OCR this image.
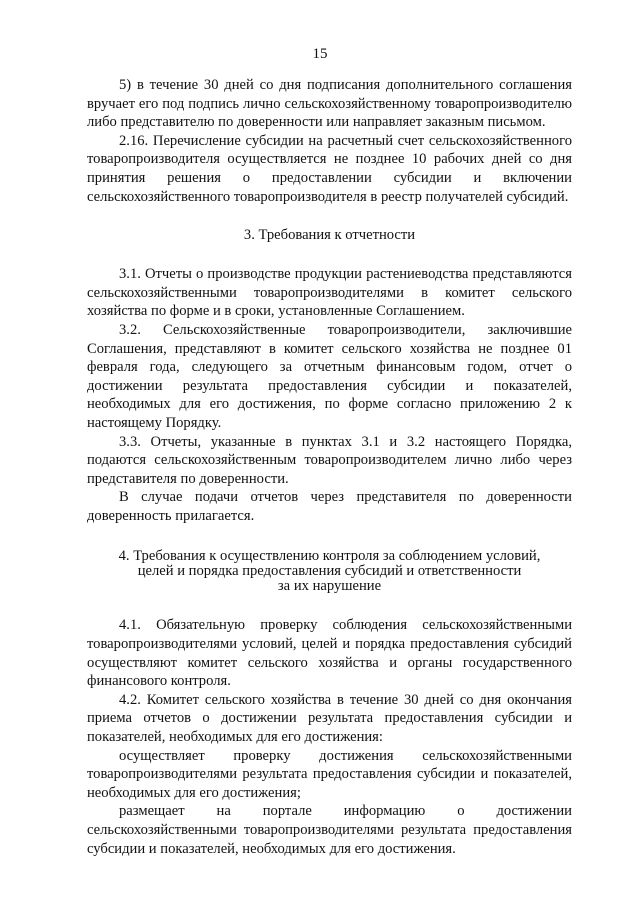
15

5) в течение 30 дней со дня подписания дополнительного соглашения вручает его под подпись лично сельскохозяйственному товаропроизводителю либо представителю по доверенности или направляет заказным письмом.

2.16. Перечисление субсидии на расчетный счет сельскохозяйственного товаропроизводителя осуществляется не позднее 10 рабочих дней со дня принятия решения о предоставлении субсидии и включении сельскохозяйственного товаропроизводителя в реестр получателей субсидий.

3. Требования к отчетности

3.1. Отчеты о производстве продукции растениеводства представляются сельскохозяйственными товаропроизводителями в комитет сельского хозяйства по форме и в сроки, установленные Соглашением.

3.2. Сельскохозяйственные товаропроизводители, заключившие Соглашения, представляют в комитет сельского хозяйства не позднее 01 февраля года, следующего за отчетным финансовым годом, отчет о достижении результата предоставления субсидии и показателей, необходимых для его достижения, по форме согласно приложению 2 к настоящему Порядку.

3.3. Отчеты, указанные в пунктах 3.1 и 3.2 настоящего Порядка, подаются сельскохозяйственным товаропроизводителем лично либо через представителя по доверенности.

В случае подачи отчетов через представителя по доверенности доверенность прилагается.

4. Требования к осуществлению контроля за соблюдением условий,

целей и порядка предоставления субсидий и ответственности

за их нарушение

4.1. Обязательную проверку соблюдения сельскохозяйственными товаропроизводителями условий, целей и порядка предоставления субсидий осуществляют комитет сельского хозяйства и органы государственного финансового контроля.

4.2. Комитет сельского хозяйства в течение 30 дней со дня окончания приема отчетов о достижении результата предоставления субсидии и показателей, необходимых для его достижения:

осуществляет проверку достижения сельскохозяйственными товаропроизводителями результата предоставления субсидии и показателей, необходимых для его достижения;

размещает на портале информацию о достижении сельскохозяйственными товаропроизводителями результата предоставления субсидии и показателей, необходимых для его достижения.
